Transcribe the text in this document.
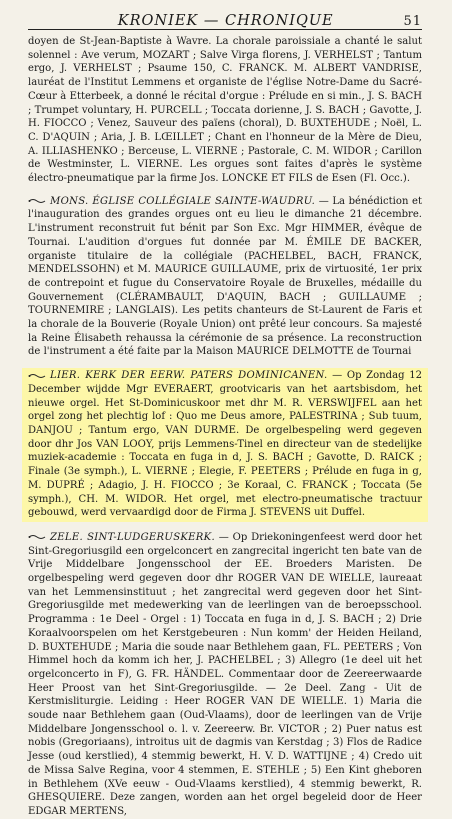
KRONIEK — CHRONIQUE	51

doyen de St-Jean-Baptiste à Wavre. La chorale paroissiale a chanté le salut solennel : Ave verum, MOZART ; Salve Virga florens, J. VERHELST ; Tantum ergo, J. VERHELST ; Psaume 150, C. FRANCK. M. ALBERT VANDRISE, lauréat de l'Institut Lemmens et organiste de l'église Notre-Dame du Sacré-Cœur à Etterbeek, a donné le récital d'orgue : Prélude en si min., J. S. BACH ; Trumpet voluntary, H. PURCELL ; Toccata dorienne, J. S. BACH ; Gavotte, J. H. FIOCCO ; Venez, Sauveur des païens (choral), D. BUXTEHUDE ; Noël, L. C. D'AQUIN ; Aria, J. B. LŒILLET ; Chant en l'honneur de la Mère de Dieu, A. ILLIASHENKO ; Berceuse, L. VIERNE ; Pastorale, C. M. WIDOR ; Carillon de Westminster, L. VIERNE. Les orgues sont faites d'après le système électro-pneumatique par la firme Jos. LONCKE ET FILS de Esen (Fl. Occ.).

MONS. ÉGLISE COLLÉGIALE SAINTE-WAUDRU. — La bénédiction et l'inauguration des grandes orgues ont eu lieu le dimanche 21 décembre. L'instrument reconstruit fut bénit par Son Exc. Mgr HIMMER, évêque de Tournai. L'audition d'orgues fut donnée par M. ÉMILE DE BACKER, organiste titulaire de la collégiale (PACHELBEL, BACH, FRANCK, MENDELSSOHN) et M. MAURICE GUILLAUME, prix de virtuosité, 1er prix de contrepoint et fugue du Conservatoire Royale de Bruxelles, médaille du Gouvernement (CLÉRAMBAULT, D'AQUIN, BACH ; GUILLAUME ; TOURNEMIRE ; LANGLAIS). Les petits chanteurs de St-Laurent de Faris et la chorale de la Bouverie (Royale Union) ont prêté leur concours. Sa majesté la Reine Élisabeth rehaussa la cérémonie de sa présence. La reconstruction de l'instrument a été faite par la Maison MAURICE DELMOTTE de Tournai

LIER. KERK DER EERW. PATERS DOMINICANEN. — Op Zondag 12 December wijdde Mgr EVERAERT, grootvicaris van het aartsbisdom, het nieuwe orgel. Het St-Dominicuskoor met dhr M. R. VERSWIJFEL aan het orgel zong het plechtig lof : Quo me Deus amore, PALESTRINA ; Sub tuum, DANJOU ; Tantum ergo, VAN DURME. De orgelbespeling werd gegeven door dhr Jos VAN LOOY, prijs Lemmens-Tinel en directeur van de stedelijke muziek-academie : Toccata en fuga in d, J. S. BACH ; Gavotte, D. RAICK ; Finale (3e symph.), L. VIERNE ; Elegie, F. PEETERS ; Prélude en fuga in g, M. DUPRÉ ; Adagio, J. H. FIOCCO ; 3e Koraal, C. FRANCK ; Toccata (5e symph.), CH. M. WIDOR. Het orgel, met electro-pneumatische tractuur gebouwd, werd vervaardigd door de Firma J. STEVENS uit Duffel.

ZELE. SINT-LUDGERUSKERK. — Op Driekoningenfeest werd door het Sint-Gregoriusgild een orgelconcert en zangrecital ingericht ten bate van de Vrije Middelbare Jongensschool der EE. Broeders Maristen. De orgelbespeling werd gegeven door dhr ROGER VAN DE WIELLE, laureaat van het Lemmensinstituut ; het zangrecital werd gegeven door het Sint-Gregoriusgilde met medewerking van de leerlingen van de beroepsschool. Programma : 1e Deel - Orgel : 1) Toccata en fuga in d, J. S. BACH ; 2) Drie Koraalvoorspelen om het Kerstgebeuren : Nun komm' der Heiden Heiland, D. BUXTEHUDE ; Maria die soude naar Bethlehem gaan, FL. PEETERS ; Von Himmel hoch da komm ich her, J. PACHELBEL ; 3) Allegro (1e deel uit het orgelconcerto in F), G. FR. HÄNDEL. Commentaar door de Zeereerwaarde Heer Proost van het Sint-Gregoriusgilde. — 2e Deel. Zang - Uit de Kerstmisliturgie. Leiding : Heer ROGER VAN DE WIELLE. 1) Maria die soude naar Bethlehem gaan (Oud-Vlaams), door de leerlingen van de Vrije Middelbare Jongensschool o. l. v. Zeereerw. Br. VICTOR ; 2) Puer natus est nobis (Gregoriaans), introitus uit de dagmis van Kerstdag ; 3) Flos de Radice Jesse (oud kerstlied), 4 stemmig bewerkt, H. V. D. WATTIJNE ; 4) Credo uit de Missa Salve Regina, voor 4 stemmen, E. STEHLE ; 5) Een Kint gheboren in Bethlehem (XVe eeuw - Oud-Vlaams kerstlied), 4 stemmig bewerkt, R. GHESQUIERE. Deze zangen, worden aan het orgel begeleid door de Heer EDGAR MERTENS,
